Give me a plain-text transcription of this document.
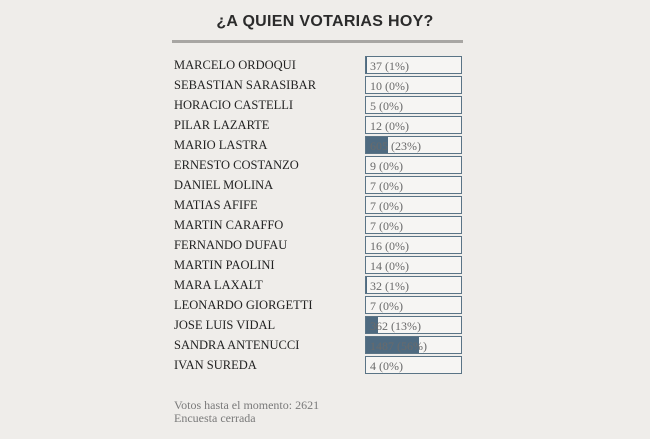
¿A QUIEN VOTARIAS HOY?
MARCELO ORDOQUI	37 (1%)
SEBASTIAN SARASIBAR	10 (0%)
HORACIO CASTELLI	5 (0%)
PILAR LAZARTE	12 (0%)
MARIO LASTRA	605 (23%)
ERNESTO COSTANZO	9 (0%)
DANIEL MOLINA	7 (0%)
MATIAS AFIFE	7 (0%)
MARTIN CARAFFO	7 (0%)
FERNANDO DUFAU	16 (0%)
MARTIN PAOLINI	14 (0%)
MARA LAXALT	32 (1%)
LEONARDO GIORGETTI	7 (0%)
JOSE LUIS VIDAL	362 (13%)
SANDRA ANTENUCCI	1487 (56%)
IVAN SUREDA	4 (0%)
Votos hasta el momento: 2621
Encuesta cerrada
